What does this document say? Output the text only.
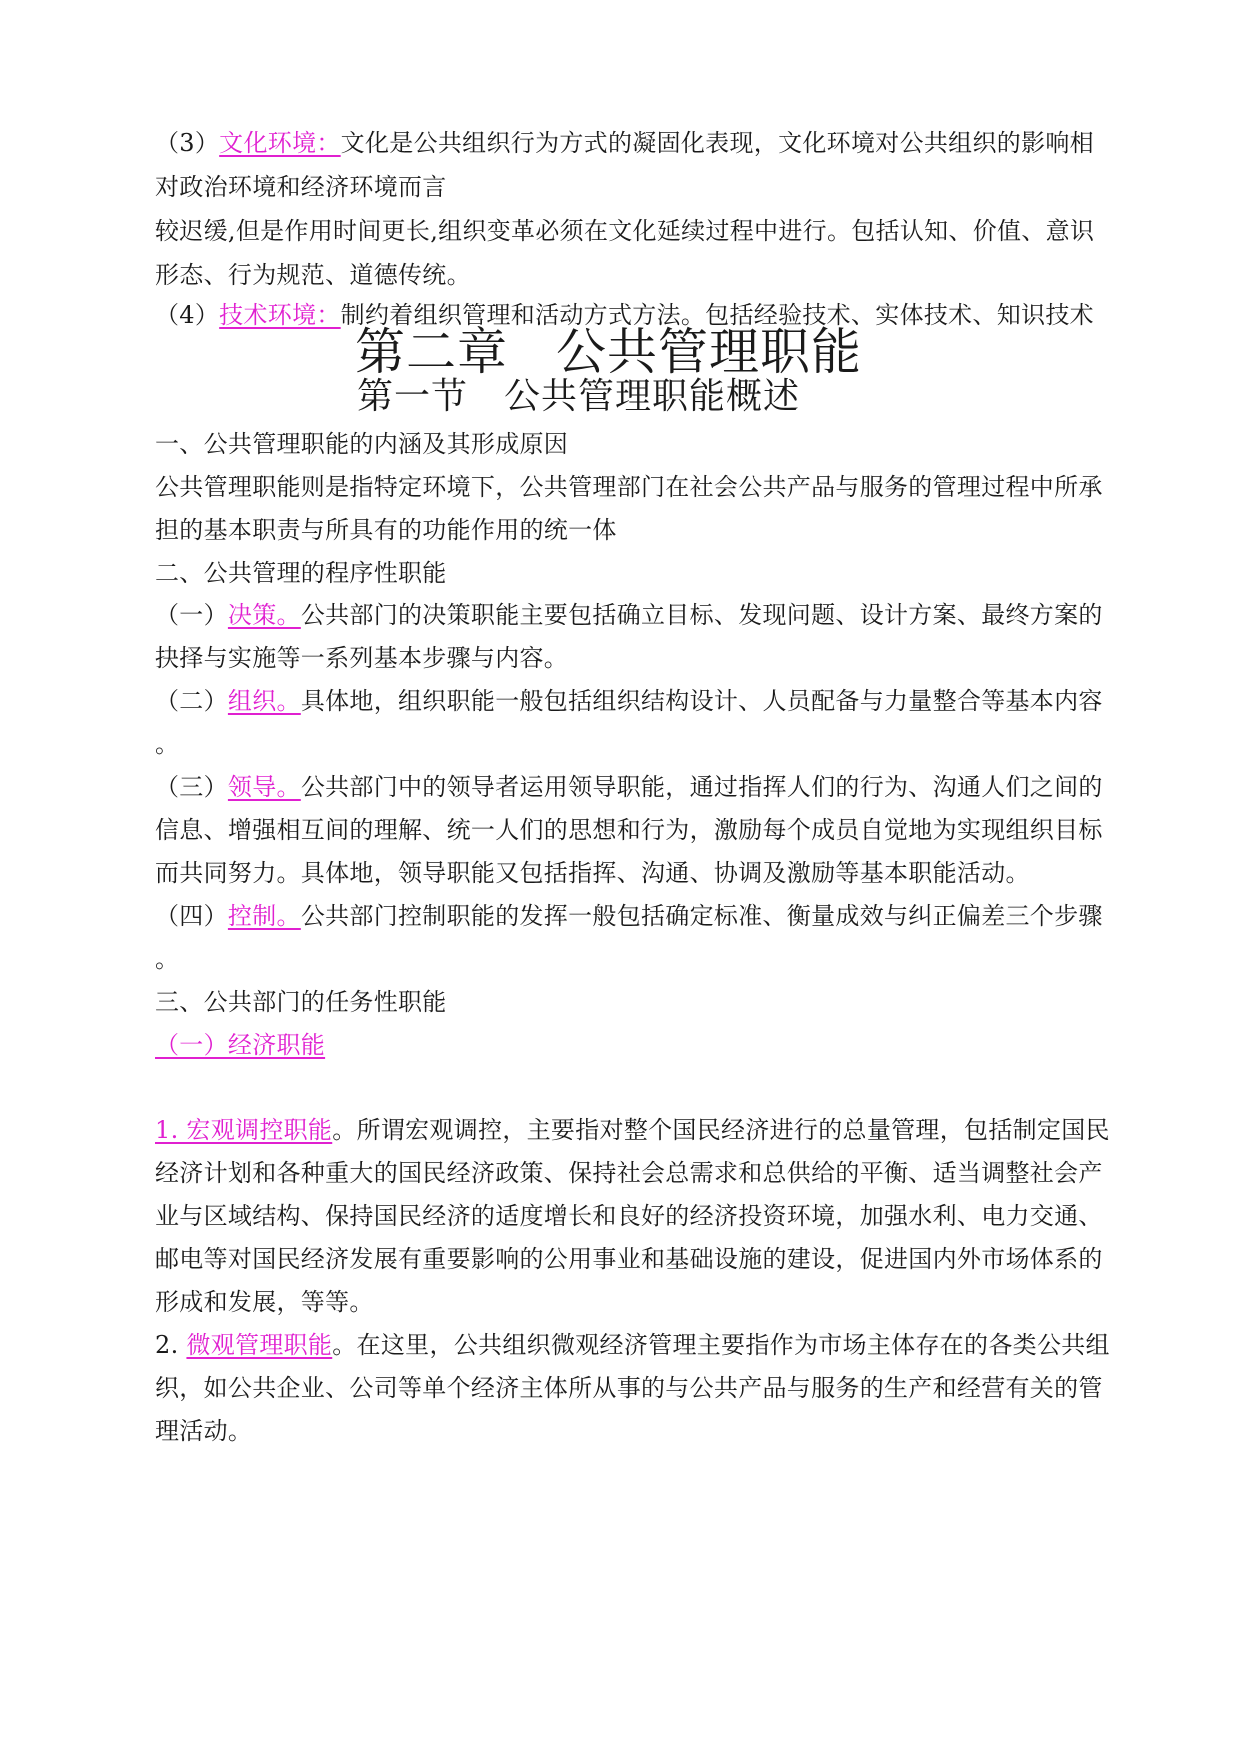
（3）文化环境：文化是公共组织行为方式的凝固化表现，文化环境对公共组织的影响相
对政治环境和经济环境而言
较迟缓,但是作用时间更长,组织变革必须在文化延续过程中进行。包括认知、价值、意识
形态、行为规范、道德传统。
（4）技术环境：制约着组织管理和活动方式方法。包括经验技术、实体技术、知识技术
第二章 公共管理职能
第一节 公共管理职能概述
一、公共管理职能的内涵及其形成原因
公共管理职能则是指特定环境下，公共管理部门在社会公共产品与服务的管理过程中所承
担的基本职责与所具有的功能作用的统一体
二、公共管理的程序性职能
（一）决策。公共部门的决策职能主要包括确立目标、发现问题、设计方案、最终方案的
抉择与实施等一系列基本步骤与内容。
（二）组织。具体地，组织职能一般包括组织结构设计、人员配备与力量整合等基本内容
。
（三）领导。公共部门中的领导者运用领导职能，通过指挥人们的行为、沟通人们之间的
信息、增强相互间的理解、统一人们的思想和行为，激励每个成员自觉地为实现组织目标
而共同努力。具体地，领导职能又包括指挥、沟通、协调及激励等基本职能活动。
（四）控制。公共部门控制职能的发挥一般包括确定标准、衡量成效与纠正偏差三个步骤
。
三、公共部门的任务性职能
（一）经济职能
1. 宏观调控职能。所谓宏观调控，主要指对整个国民经济进行的总量管理，包括制定国民
经济计划和各种重大的国民经济政策、保持社会总需求和总供给的平衡、适当调整社会产
业与区域结构、保持国民经济的适度增长和良好的经济投资环境，加强水利、电力交通、
邮电等对国民经济发展有重要影响的公用事业和基础设施的建设，促进国内外市场体系的
形成和发展，等等。
2. 微观管理职能。在这里，公共组织微观经济管理主要指作为市场主体存在的各类公共组
织，如公共企业、公司等单个经济主体所从事的与公共产品与服务的生产和经营有关的管
理活动。
